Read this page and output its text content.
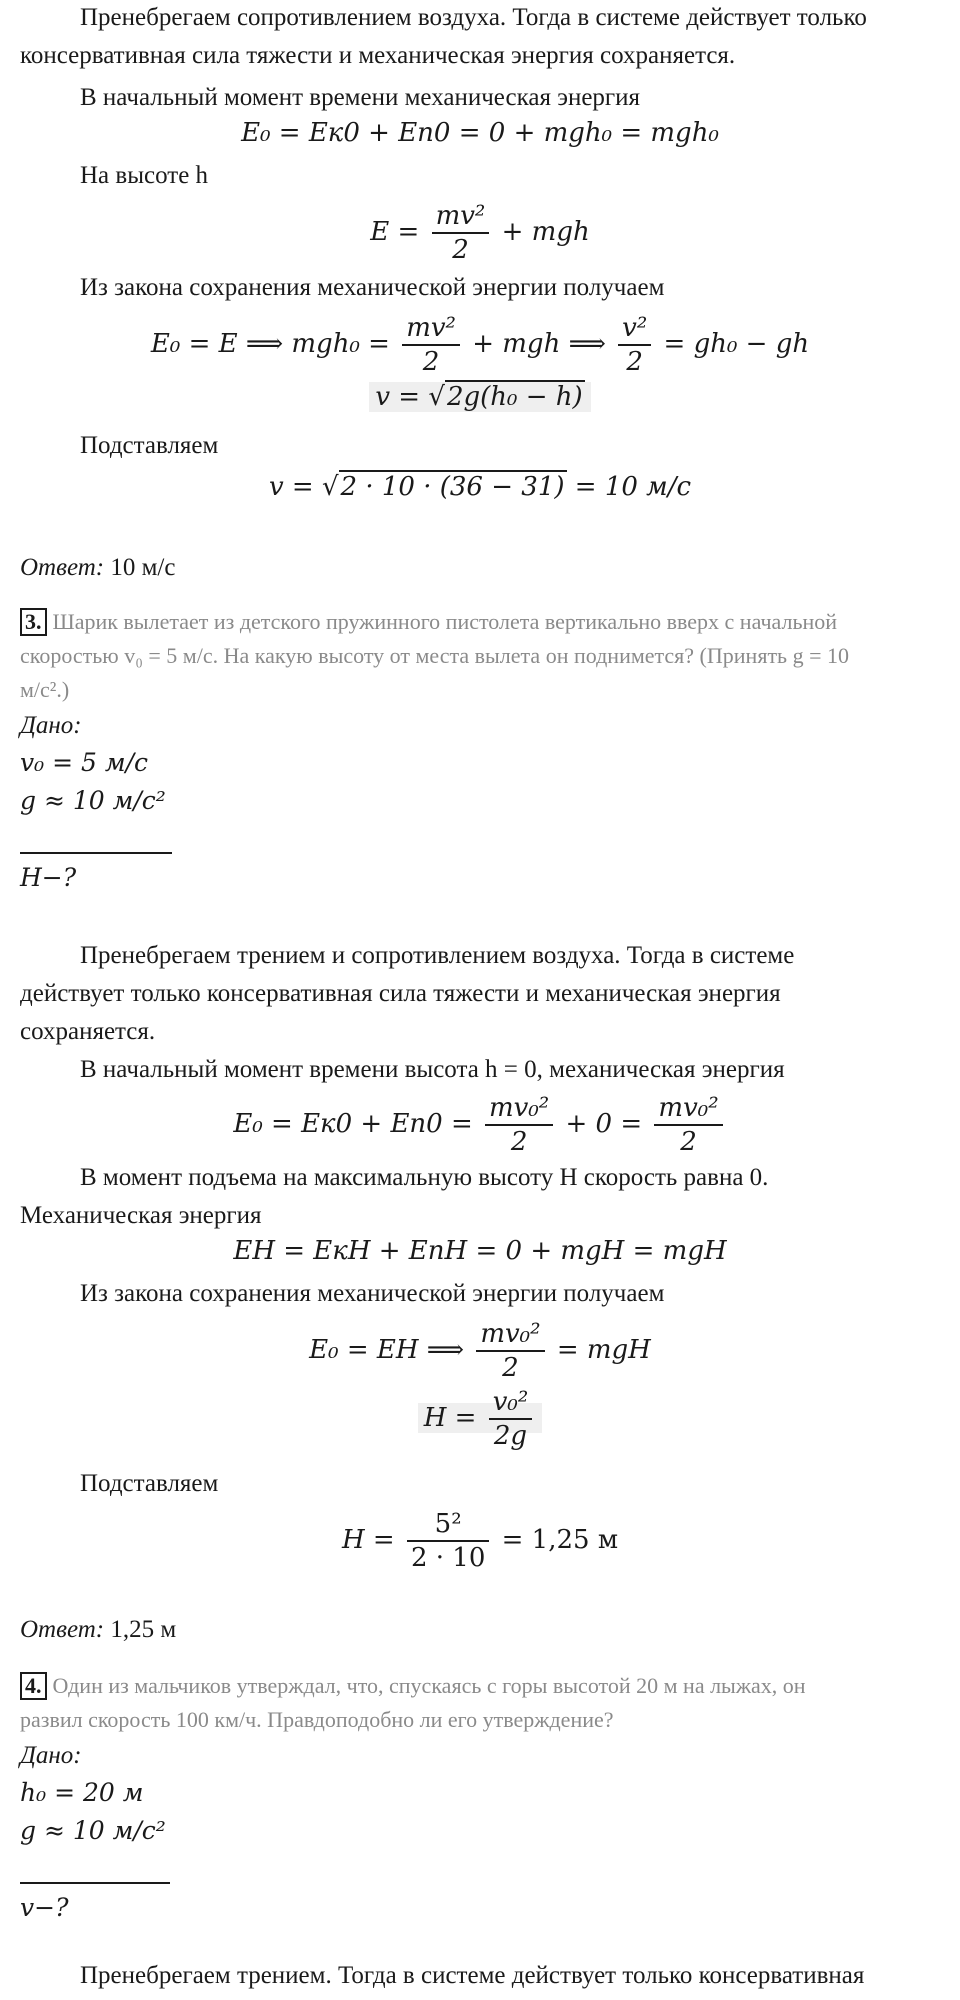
Пренебрегаем сопротивлением воздуха. Тогда в системе действует только
консервативная сила тяжести и механическая энергия сохраняется.
В начальный момент времени механическая энергия
E₀ = Eк0 + Eп0 = 0 + mgh₀ = mgh₀
На высоте h
$E = \frac{\text{mv²}}{2}$ + mgh
Из закона сохранения механической энергии получаем
E₀ = E ⟹ $mgh_0 = \frac{\text{mv²}}{2}$ + mgh ⟹ $\frac{\text{v²}}{2} = gh_0$ − gh
v = √2g(h₀ − h)
Подставляем
v = √2 · 10 · (36 − 31) = 10 м/с
Ответ: 10 м/с
3. Шарик вылетает из детского пружинного пистолета вертикально вверх с начальной
скоростью v₀ = 5 м/с. На какую высоту от места вылета он поднимется? (Принять g = 10
м/с².)
Дано:
v₀ = 5 м/с
g ≈ 10 м/с²
H−?
Пренебрегаем трением и сопротивлением воздуха. Тогда в системе
действует только консервативная сила тяжести и механическая энергия
сохраняется.
В начальный момент времени высота h = 0, механическая энергия
$E_0 = Eк0 + Eп0 = \frac{\text{mv₀²}}{2} + 0 = \frac{\text{mv₀²}}{2}$
В момент подъема на максимальную высоту H скорость равна 0.
Механическая энергия
EH = EкH + EпH = 0 + mgH = mgH
Из закона сохранения механической энергии получаем
E₀ = EH ⟹ $\frac{\text{mv₀²}}{2}$ = mgH
$H = \frac{\text{v₀²}}{2g}$
Подставляем
$H = \frac{\text{5²}}{2 \cdot 10} = 1,25$ м
Ответ: 1,25 м
4. Один из мальчиков утверждал, что, спускаясь с горы высотой 20 м на лыжах, он
развил скорость 100 км/ч. Правдоподобно ли его утверждение?
Дано:
h₀ = 20 м
g ≈ 10 м/с²
v−?
Пренебрегаем трением. Тогда в системе действует только консервативная
